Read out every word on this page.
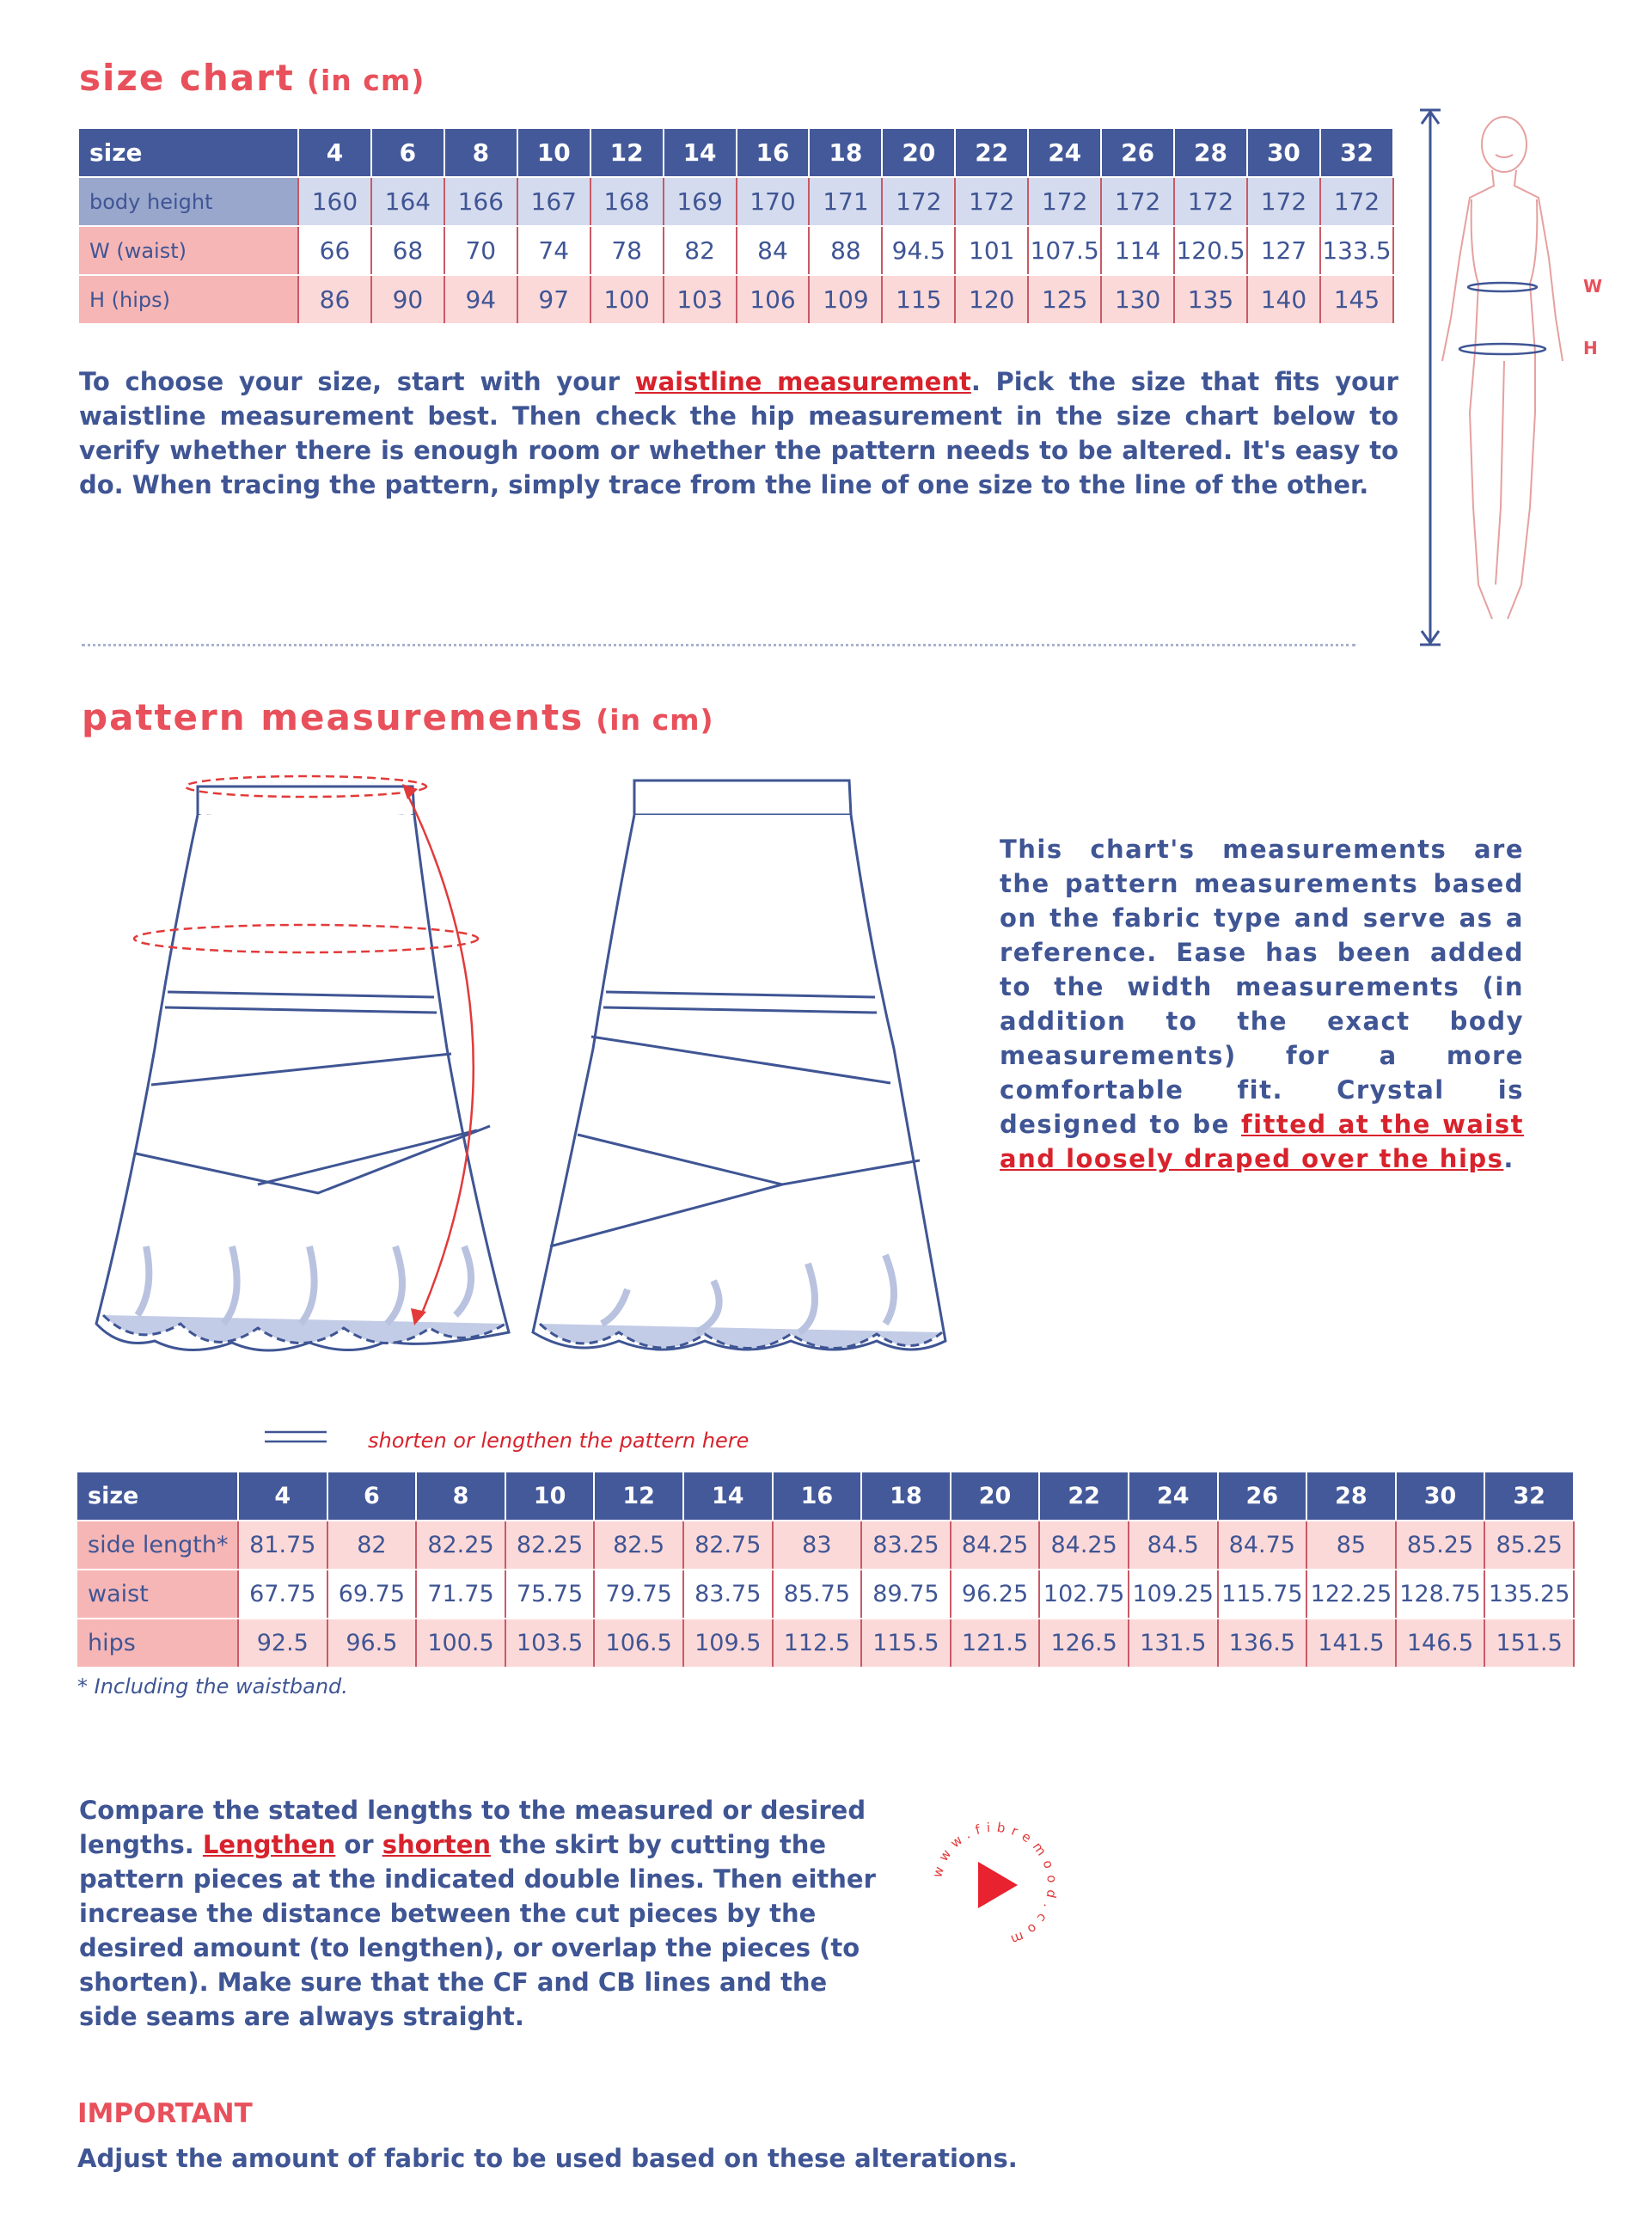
size chart (in cm)
size	4	6	8	10	12	14	16	18	20	22	24	26	28	30	32
body height	160	164	166	167	168	169	170	171	172	172	172	172	172	172	172
W (waist)	66	68	70	74	78	82	84	88	94.5	101	107.5	114	120.5	127	133.5
H (hips)	86	90	94	97	100	103	106	109	115	120	125	130	135	140	145
To choose your size, start with your waistline measurement. Pick the size that fits your waistline measurement best. Then check the hip measurement in the size chart below to verify whether there is enough room or whether the pattern needs to be altered. It's easy to do. When tracing the pattern, simply trace from the line of one size to the line of the other.
W
H
pattern measurements (in cm)
This chart's measurements are the pattern measurements based on the fabric type and serve as a reference. Ease has been added to the width measurements (in addition to the exact body measurements) for a more comfortable fit. Crystal is designed to be fitted at the waist and loosely draped over the hips.
shorten or lengthen the pattern here
size	4	6	8	10	12	14	16	18	20	22	24	26	28	30	32
side length*	81.75	82	82.25	82.25	82.5	82.75	83	83.25	84.25	84.25	84.5	84.75	85	85.25	85.25
waist	67.75	69.75	71.75	75.75	79.75	83.75	85.75	89.75	96.25	102.75	109.25	115.75	122.25	128.75	135.25
hips	92.5	96.5	100.5	103.5	106.5	109.5	112.5	115.5	121.5	126.5	131.5	136.5	141.5	146.5	151.5
* Including the waistband.
Compare the stated lengths to the measured or desired lengths. Lengthen or shorten the skirt by cutting the pattern pieces at the indicated double lines. Then either increase the distance between the cut pieces by the desired amount (to lengthen), or overlap the pieces (to shorten). Make sure that the CF and CB lines and the side seams are always straight.
www.fibremood.com
IMPORTANT
Adjust the amount of fabric to be used based on these alterations.
